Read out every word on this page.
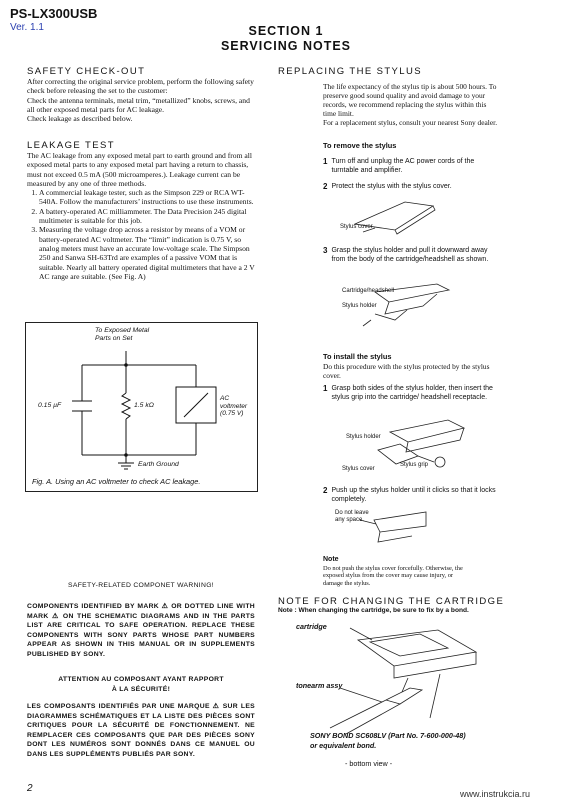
PS-LX300USB
Ver. 1.1	SECTION 1
SERVICING NOTES
SAFETY CHECK-OUT

After correcting the original service problem, perform the following safety check before releasing the set to the customer:

Check the antenna terminals, metal trim, “metallized” knobs, screws, and all other exposed metal parts for AC leakage.

Check leakage as described below.

LEAKAGE TEST

The AC leakage from any exposed metal part to earth ground and from all exposed metal parts to any exposed metal part having a return to chassis, must not exceed 0.5 mA (500 microamperes.). Leakage current can be measured by any one of three methods.

1. A commercial leakage tester, such as the Simpson 229 or RCA WT-540A. Follow the manufacturers’ instructions to use these instruments.
2. A battery-operated AC milliammeter. The Data Precision 245 digital multimeter is suitable for this job.
3. Measuring the voltage drop across a resistor by means of a VOM or battery-operated AC voltmeter. The “limit” indication is 0.75 V, so analog meters must have an accurate low-voltage scale. The Simpson 250 and Sanwa SH-63Trd are examples of a passive VOM that is suitable. Nearly all battery operated digital multimeters that have a 2 V AC range are suitable. (See Fig. A)
To Exposed Metal
Parts on Set
0.15 µF	1.5 kΩ
AC
voltmeter
(0.75 V)
Earth Ground
Fig. A. Using an AC voltmeter to check AC leakage.
SAFETY-RELATED COMPONET WARNING!
COMPONENTS IDENTIFIED BY MARK ⚠ OR DOTTED LINE WITH MARK ⚠ ON THE SCHEMATIC DIAGRAMS AND IN THE PARTS LIST ARE CRITICAL TO SAFE OPERATION. REPLACE THESE COMPONENTS WITH SONY PARTS WHOSE PART NUMBERS APPEAR AS SHOWN IN THIS MANUAL OR IN SUPPLEMENTS PUBLISHED BY SONY.
ATTENTION AU COMPOSANT AYANT RAPPORT
À LA SÉCURITÉ!
LES COMPOSANTS IDENTIFIÉS PAR UNE MARQUE ⚠ SUR LES DIAGRAMMES SCHÉMATIQUES ET LA LISTE DES PIÈCES SONT CRITIQUES POUR LA SÉCURITÉ DE FONCTIONNEMENT. NE REMPLACER CES COMPOSANTS QUE PAR DES PIÈCES SONY DONT LES NUMÉROS SONT DONNÉS DANS CE MANUEL OU DANS LES SUPPLÉMENTS PUBLIÉS PAR SONY.
REPLACING THE STYLUS

The life expectancy of the stylus tip is about 500 hours. To preserve good sound quality and avoid damage to your records, we recommend replacing the stylus within this time limit.

For a replacement stylus, consult your nearest Sony dealer.

To remove the stylus
1 Turn off and unplug the AC power cords of the turntable and amplifier.
2 Protect the stylus with the stylus cover.
Stylus cover
3 Grasp the stylus holder and pull it downward away from the body of the cartridge/headshell as shown.
Cartridge/headshell
Stylus holder
To install the stylus
Do this procedure with the stylus protected by the stylus cover.
1 Grasp both sides of the stylus holder, then insert the stylus grip into the cartridge/ headshell receptacle.
Stylus holder
Stylus cover
Stylus grip
2 Push up the stylus holder until it clicks so that it locks completely.
Do not leave any space.
Note
Do not push the stylus cover forcefully. Otherwise, the exposed stylus from the cover may cause injury, or damage the stylus.
NOTE FOR CHANGING THE CARTRIDGE
Note : When changing the cartridge, be sure to fix by a bond.
cartridge
tonearm assy
SONY BOND SC608LV (Part No. 7-600-000-48)
or equivalent bond.
- bottom view -
2	www.instrukcia.ru
